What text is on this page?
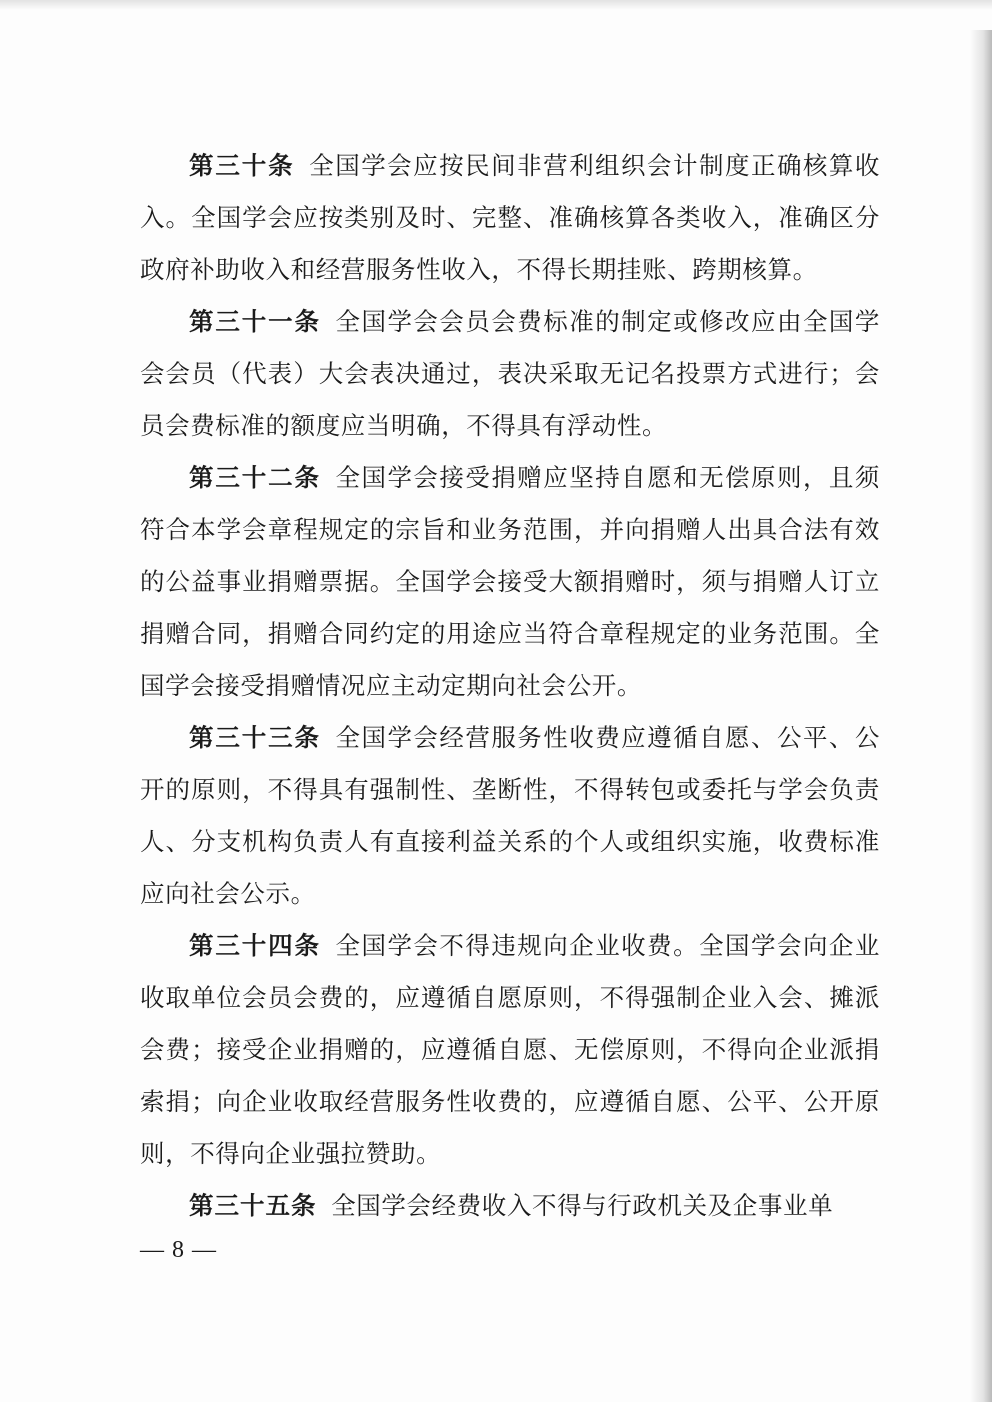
第三十条 全国学会应按民间非营利组织会计制度正确核算收入。全国学会应按类别及时、完整、准确核算各类收入，准确区分政府补助收入和经营服务性收入，不得长期挂账、跨期核算。

第三十一条 全国学会会员会费标准的制定或修改应由全国学会会员（代表）大会表决通过，表决采取无记名投票方式进行；会员会费标准的额度应当明确，不得具有浮动性。

第三十二条 全国学会接受捐赠应坚持自愿和无偿原则，且须符合本学会章程规定的宗旨和业务范围，并向捐赠人出具合法有效的公益事业捐赠票据。全国学会接受大额捐赠时，须与捐赠人订立捐赠合同，捐赠合同约定的用途应当符合章程规定的业务范围。全国学会接受捐赠情况应主动定期向社会公开。

第三十三条 全国学会经营服务性收费应遵循自愿、公平、公开的原则，不得具有强制性、垄断性，不得转包或委托与学会负责人、分支机构负责人有直接利益关系的个人或组织实施，收费标准应向社会公示。

第三十四条 全国学会不得违规向企业收费。全国学会向企业收取单位会员会费的，应遵循自愿原则，不得强制企业入会、摊派会费；接受企业捐赠的，应遵循自愿、无偿原则，不得向企业派捐索捐；向企业收取经营服务性收费的，应遵循自愿、公平、公开原则，不得向企业强拉赞助。

第三十五条 全国学会经费收入不得与行政机关及企事业单

— 8 —
